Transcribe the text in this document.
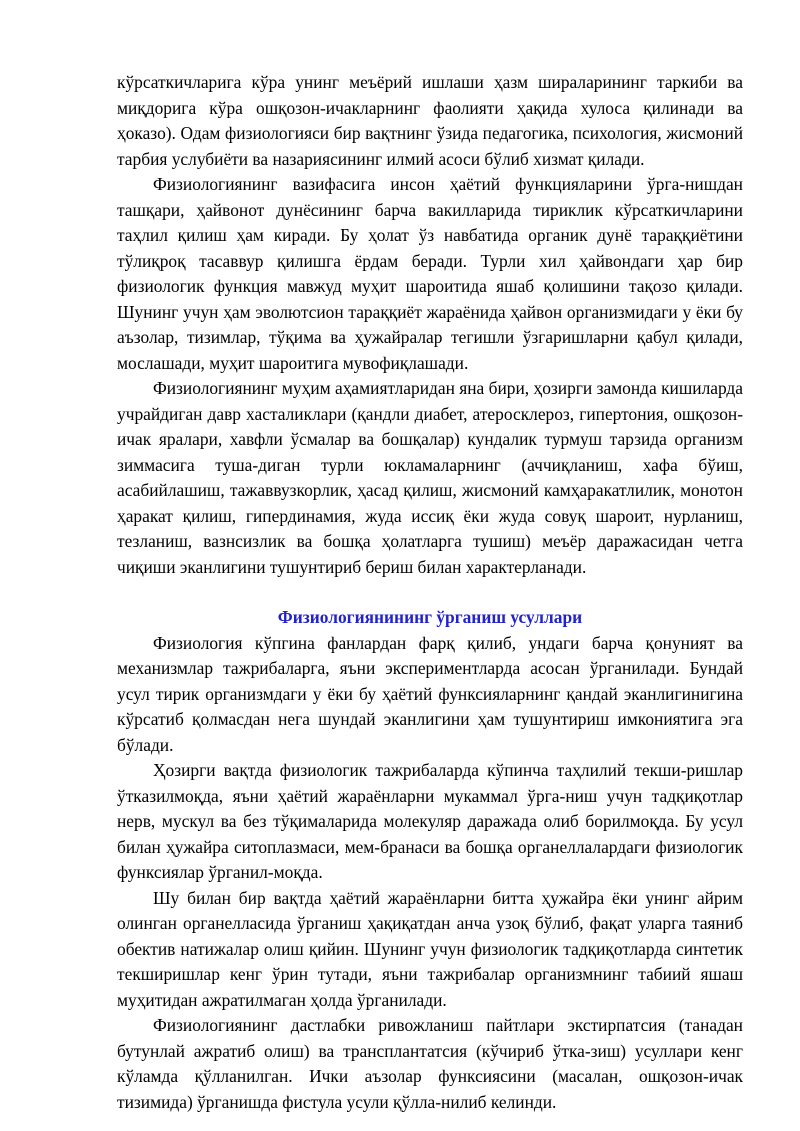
кўрсаткичларига кўра унинг меъёрий ишлаши ҳазм шираларининг таркиби ва миқдорига кўра ошқозон-ичакларнинг фаолияти ҳақида хулоса қилинади ва ҳоказо). Одам физиологияси бир вақтнинг ўзида педагогика, психология, жисмоний тарбия услубиёти ва назариясининг илмий асоси бўлиб хизмат қилади.

Физиологиянинг вазифасига инсон ҳаётий функцияларини ўрга-нишдан ташқари, ҳайвонот дунёсининг барча вакилларида тириклик кўрсаткичларини таҳлил қилиш ҳам киради. Бу ҳолат ўз навбатида органик дунё тараққиётини тўлиқроқ тасаввур қилишга ёрдам беради. Турли хил ҳайвондаги ҳар бир физиологик функция мавжуд муҳит шароитида яшаб қолишини тақозо қилади. Шунинг учун ҳам эволютсион тараққиёт жараёнида ҳайвон организмидаги у ёки бу аъзолар, тизимлар, тўқима ва ҳужайралар тегишли ўзгаришларни қабул қилади, мослашади, муҳит шароитига мувофиқлашади.

Физиологиянинг муҳим аҳамиятларидан яна бири, ҳозирги замонда кишиларда учрайдиган давр хасталиклари (қандли диабет, атеросклероз, гипертония, ошқозон-ичак яралари, хавфли ўсмалар ва бошқалар) кундалик турмуш тарзида организм зиммасига туша-диган турли юкламаларнинг (аччиқланиш, хафа бўиш, асабийлашиш, тажаввузкорлик, ҳасад қилиш, жисмоний камҳаракатлилик, монотон ҳаракат қилиш, гипердинамия, жуда иссиқ ёки жуда совуқ шароит, нурланиш, тезланиш, вазнсизлик ва бошқа ҳолатларга тушиш) меъёр даражасидан четга чиқиши эканлигини тушунтириб бериш билан характерланади.

Физиологиянининг ўрганиш усуллари

Физиология кўпгина фанлардан фарқ қилиб, ундаги барча қонуният ва механизмлар тажрибаларга, яъни экспериментларда асосан ўрганилади. Бундай усул тирик организмдаги у ёки бу ҳаётий функсияларнинг қандай эканлигинигина кўрсатиб қолмасдан нега шундай эканлигини ҳам тушунтириш имкониятига эга бўлади.

Ҳозирги вақтда физиологик тажрибаларда кўпинча таҳлилий текши-ришлар ўтказилмоқда, яъни ҳаётий жараёнларни мукаммал ўрга-ниш учун тадқиқотлар нерв, мускул ва без тўқималарида молекуляр даражада олиб борилмоқда. Бу усул билан ҳужайра ситоплазмаси, мем-бранаси ва бошқа органеллалардаги физиологик функсиялар ўрганил-моқда.

Шу билан бир вақтда ҳаётий жараёнларни битта ҳужайра ёки унинг айрим олинган органелласида ўрганиш ҳақиқатдан анча узоқ бўлиб, фақат уларга таяниб обектив натижалар олиш қийин. Шунинг учун физиологик тадқиқотларда синтетик текширишлар кенг ўрин тутади, яъни тажрибалар организмнинг табиий яшаш муҳитидан ажратилмаган ҳолда ўрганилади.

Физиологиянинг дастлабки ривожланиш пайтлари экстирпатсия (танадан бутунлай ажратиб олиш) ва трансплантатсия (кўчириб ўтка-зиш) усуллари кенг кўламда қўлланилган. Ички аъзолар функсиясини (масалан, ошқозон-ичак тизимида) ўрганишда фистула усули қўлла-нилиб келинди.
